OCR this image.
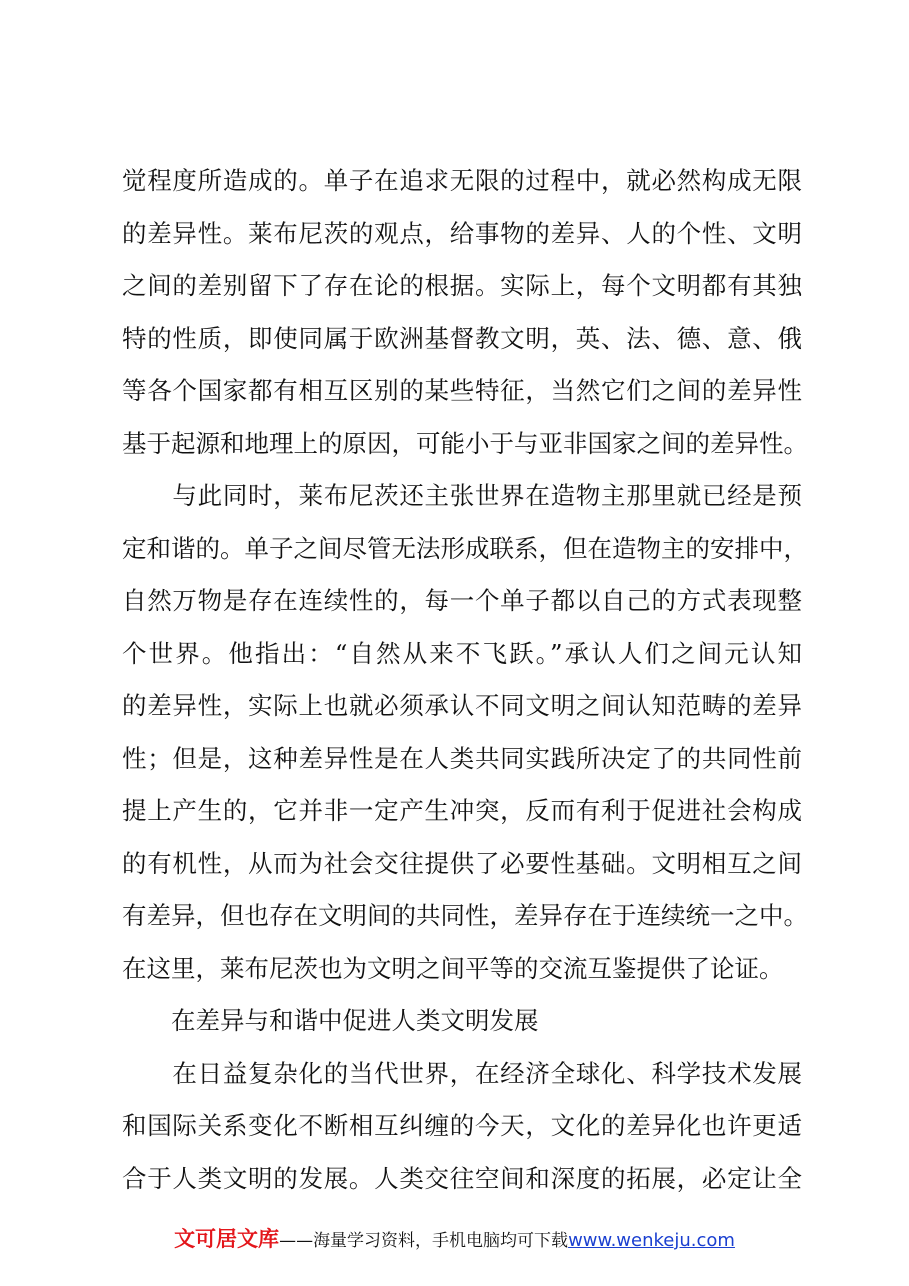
觉程度所造成的。单子在追求无限的过程中，就必然构成无限
的差异性。莱布尼茨的观点，给事物的差异、人的个性、文明
之间的差别留下了存在论的根据。实际上，每个文明都有其独
特的性质，即使同属于欧洲基督教文明，英、法、德、意、俄
等各个国家都有相互区别的某些特征，当然它们之间的差异性
基于起源和地理上的原因，可能小于与亚非国家之间的差异性。
　　与此同时，莱布尼茨还主张世界在造物主那里就已经是预
定和谐的。单子之间尽管无法形成联系，但在造物主的安排中，
自然万物是存在连续性的，每一个单子都以自己的方式表现整
个世界。他指出：“自然从来不飞跃。”承认人们之间元认知
的差异性，实际上也就必须承认不同文明之间认知范畴的差异
性；但是，这种差异性是在人类共同实践所决定了的共同性前
提上产生的，它并非一定产生冲突，反而有利于促进社会构成
的有机性，从而为社会交往提供了必要性基础。文明相互之间
有差异，但也存在文明间的共同性，差异存在于连续统一之中。
在这里，莱布尼茨也为文明之间平等的交流互鉴提供了论证。
　　在差异与和谐中促进人类文明发展
　　在日益复杂化的当代世界，在经济全球化、科学技术发展
和国际关系变化不断相互纠缠的今天，文化的差异化也许更适
合于人类文明的发展。人类交往空间和深度的拓展，必定让全
文可居文库——海量学习资料，手机电脑均可下载www.wenkeju.com
